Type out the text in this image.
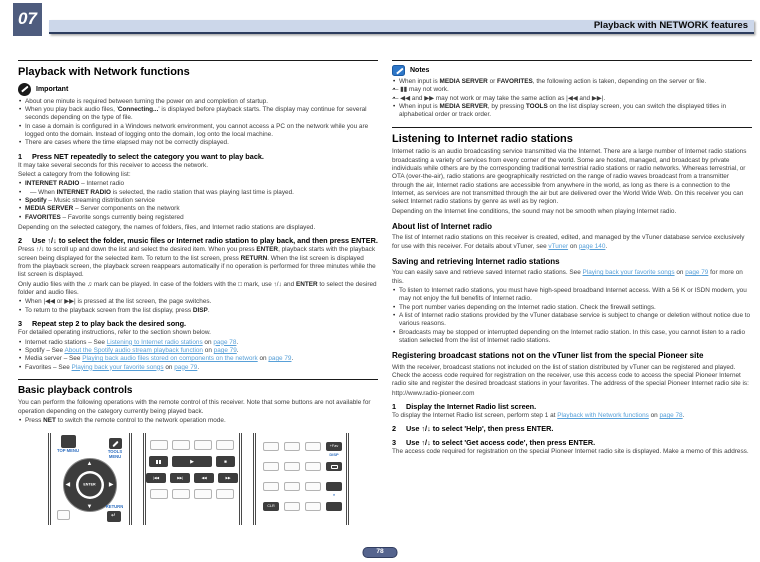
07	Playback with NETWORK features
Playback with Network functions
Important
• About one minute is required between turning the power on and completion of startup.
• When you play back audio files, 'Connecting...' is displayed before playback starts. The display may continue for several seconds depending on the type of file.
• In case a domain is configured in a Windows network environment, you cannot access a PC on the network while you are logged onto the domain. Instead of logging onto the domain, log onto the local machine.
• There are cases where the time elapsed may not be correctly displayed.
1	Press NET repeatedly to select the category you want to play back.

It may take several seconds for this receiver to access the network.

Select a category from the following list:

• INTERNET RADIO – Internet radio
• — When INTERNET RADIO is selected, the radio station that was playing last time is played.
• Spotify – Music streaming distribution service
• MEDIA SERVER – Server components on the network
• FAVORITES – Favorite songs currently being registered

Depending on the selected category, the names of folders, files, and Internet radio stations are displayed.

2	Use ↑/↓ to select the folder, music files or Internet radio station to play back, and then press ENTER.

Press ↑/↓ to scroll up and down the list and select the desired item. When you press ENTER, playback starts with the playback screen being displayed for the selected item. To return to the list screen, press RETURN. When the list screen is displayed from the playback screen, the playback screen reappears automatically if no operation is performed for three minutes while the list screen is displayed.

Only audio files with the ♫ mark can be played. In case of the folders with the □ mark, use ↑/↓ and ENTER to select the desired folder and audio files.

• When |◀◀ or ▶▶| is pressed at the list screen, the page switches.
• To return to the playback screen from the list display, press DISP.
3	Repeat step 2 to play back the desired song.

For detailed operating instructions, refer to the section shown below.

• Internet radio stations – See Listening to Internet radio stations on page 78.
• Spotify – See About the Spotify audio stream playback function on page 79.
• Media server – See Playing back audio files stored on components on the network on page 79.
• Favorites – See Playing back your favorite songs on page 79.
Basic playback controls

You can perform the following operations with the remote control of this receiver. Note that some buttons are not available for operation depending on the category currently being played back.

• Press NET to switch the remote control to the network operation mode.
TOP MENU	TOOLS MENU
▲
▼
◀	▶
ENTER
RETURN
↵
▶	■
|◀◀	▶▶|	◀◀	▶▶
+Fav
DISP
CLR
×
Notes
• When input is MEDIA SERVER or FAVORITES, the following action is taken, depending on the server or file.
• — ▮▮ may not work.
• — ◀◀ and ▶▶ may not work or may take the same action as |◀◀ and ▶▶|.
• When input is MEDIA SERVER, by pressing TOOLS on the list display screen, you can switch the displayed titles in alphabetical order or track order.
Listening to Internet radio stations

Internet radio is an audio broadcasting service transmitted via the Internet. There are a large number of Internet radio stations broadcasting a variety of services from every corner of the world. Some are hosted, managed, and broadcast by private individuals while others are by the corresponding traditional terrestrial radio stations or radio networks. Whereas terrestrial, or OTA (over-the-air), radio stations are geographically restricted on the range of radio waves broadcast from a transmitter through the air, Internet radio stations are accessible from anywhere in the world, as long as there is a connection to the Internet, as services are not transmitted through the air but are delivered over the World Wide Web. On this receiver you can select Internet radio stations by genre as well as by region.

Depending on the Internet line conditions, the sound may not be smooth when playing Internet radio.

About list of Internet radio

The list of Internet radio stations on this receiver is created, edited, and managed by the vTuner database service exclusively for use with this receiver. For details about vTuner, see vTuner on page 140.

Saving and retrieving Internet radio stations

You can easily save and retrieve saved Internet radio stations. See Playing back your favorite songs on page 79 for more on this.

• To listen to Internet radio stations, you must have high-speed broadband Internet access. With a 56 K or ISDN modem, you may not enjoy the full benefits of Internet radio.
• The port number varies depending on the Internet radio station. Check the firewall settings.
• A list of Internet radio stations provided by the vTuner database service is subject to change or deletion without notice due to various reasons.
• Broadcasts may be stopped or interrupted depending on the Internet radio station. In this case, you cannot listen to a radio station selected from the list of Internet radio stations.
Registering broadcast stations not on the vTuner list from the special Pioneer site

With the receiver, broadcast stations not included on the list of station distributed by vTuner can be registered and played. Check the access code required for registration on the receiver, use this access code to access the special Pioneer Internet radio site and register the desired broadcast stations in your favorites. The address of the special Pioneer Internet radio site is:

http://www.radio-pioneer.com

1	Display the Internet Radio list screen.

To display the Internet Radio list screen, perform step 1 at Playback with Network functions on page 78.

2	Use ↑/↓ to select 'Help', then press ENTER.
3	Use ↑/↓ to select 'Get access code', then press ENTER.

The access code required for registration on the special Pioneer Internet radio site is displayed. Make a memo of this address.

78
